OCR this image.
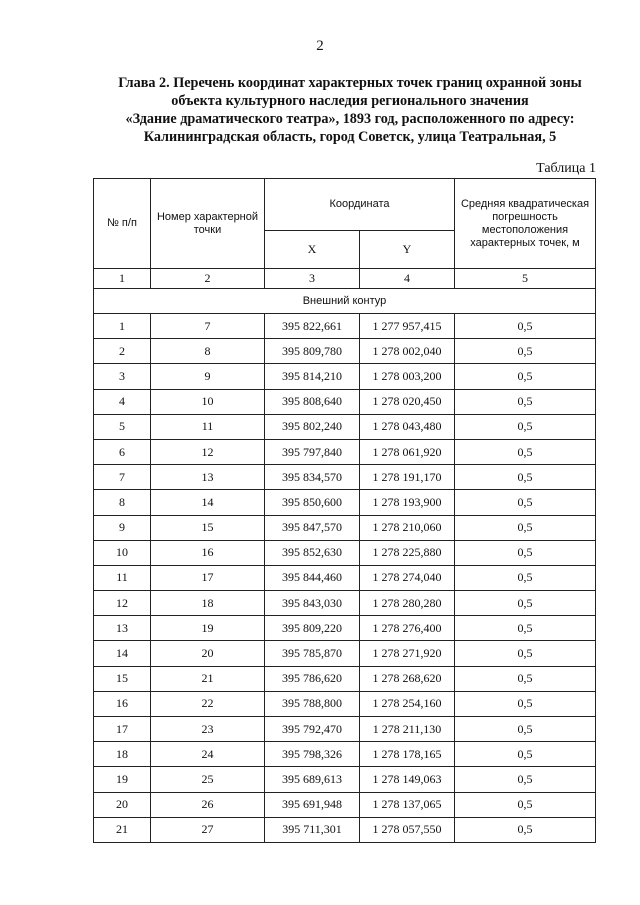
2
Глава 2. Перечень координат характерных точек границ охранной зоны
объекта культурного наследия регионального значения
«Здание драматического театра», 1893 год, расположенного по адресу:
Калининградская область, город Советск, улица Театральная, 5
Таблица 1
№ п/п	Номер характерной точки	Координата		Средняя квадратическая погрешность местоположения характерных точек, м
		X	Y	
1	2	3	4	5
Внешний контур				
1	7	395 822,661	1 277 957,415	0,5
2	8	395 809,780	1 278 002,040	0,5
3	9	395 814,210	1 278 003,200	0,5
4	10	395 808,640	1 278 020,450	0,5
5	11	395 802,240	1 278 043,480	0,5
6	12	395 797,840	1 278 061,920	0,5
7	13	395 834,570	1 278 191,170	0,5
8	14	395 850,600	1 278 193,900	0,5
9	15	395 847,570	1 278 210,060	0,5
10	16	395 852,630	1 278 225,880	0,5
11	17	395 844,460	1 278 274,040	0,5
12	18	395 843,030	1 278 280,280	0,5
13	19	395 809,220	1 278 276,400	0,5
14	20	395 785,870	1 278 271,920	0,5
15	21	395 786,620	1 278 268,620	0,5
16	22	395 788,800	1 278 254,160	0,5
17	23	395 792,470	1 278 211,130	0,5
18	24	395 798,326	1 278 178,165	0,5
19	25	395 689,613	1 278 149,063	0,5
20	26	395 691,948	1 278 137,065	0,5
21	27	395 711,301	1 278 057,550	0,5
